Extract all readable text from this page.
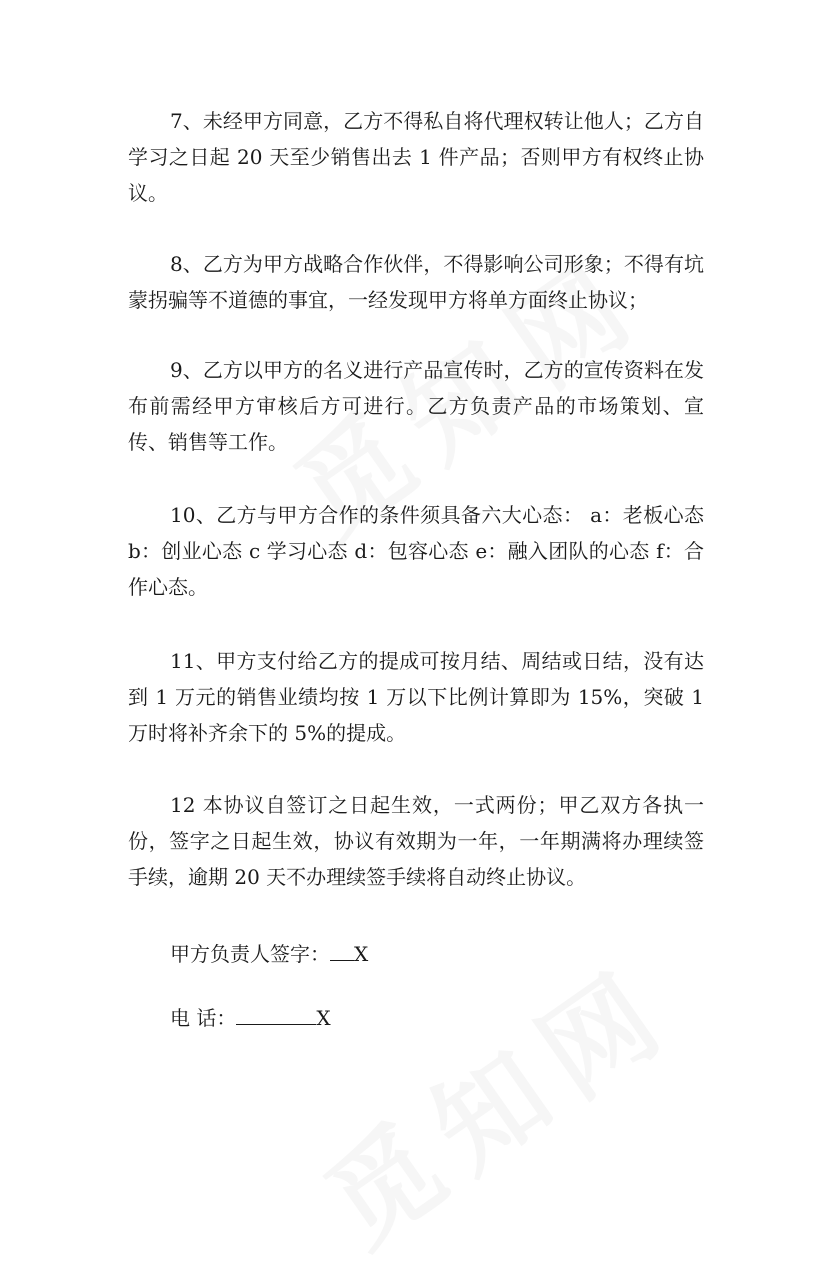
7、未经甲方同意，乙方不得私自将代理权转让他人；乙方自学习之日起 20 天至少销售出去 1 件产品；否则甲方有权终止协议。

8、乙方为甲方战略合作伙伴，不得影响公司形象；不得有坑蒙拐骗等不道德的事宜，一经发现甲方将单方面终止协议；

9、乙方以甲方的名义进行产品宣传时，乙方的宣传资料在发布前需经甲方审核后方可进行。乙方负责产品的市场策划、宣传、销售等工作。

10、乙方与甲方合作的条件须具备六大心态： a：老板心态 b：创业心态 c 学习心态 d：包容心态 e：融入团队的心态 f：合作心态。

11、甲方支付给乙方的提成可按月结、周结或日结，没有达到 1 万元的销售业绩均按 1 万以下比例计算即为 15%，突破 1 万时将补齐余下的 5%的提成。

12 本协议自签订之日起生效，一式两份；甲乙双方各执一份，签字之日起生效，协议有效期为一年，一年期满将办理续签手续，逾期 20 天不办理续签手续将自动终止协议。

甲方负责人签字： X

电 话：	X
